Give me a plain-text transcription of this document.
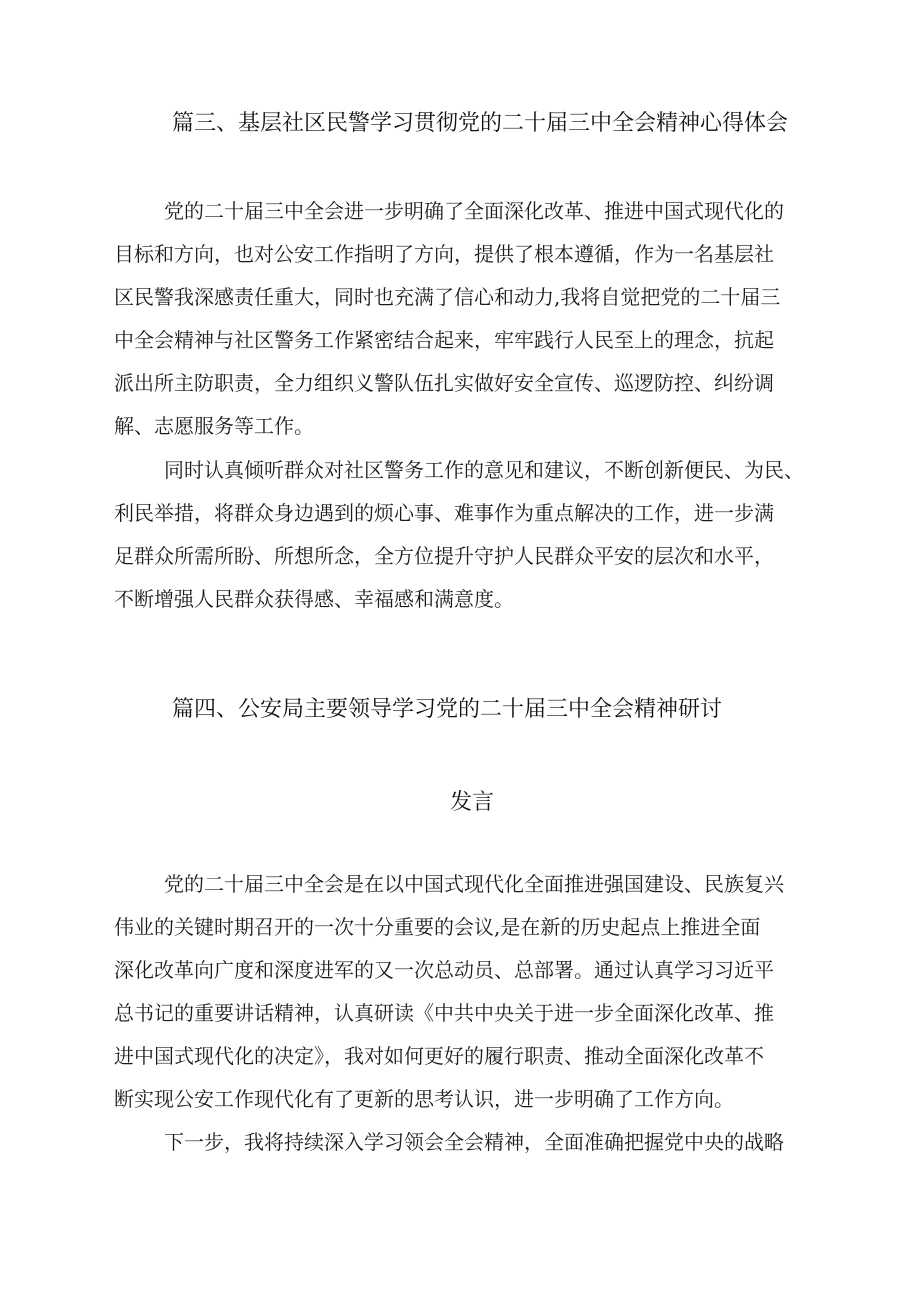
篇三、基层社区民警学习贯彻党的二十届三中全会精神心得体会
党的二十届三中全会进一步明确了全面深化改革、推进中国式现代化的
目标和方向，也对公安工作指明了方向，提供了根本遵循，作为一名基层社
区民警我深感责任重大，同时也充满了信心和动力,我将自觉把党的二十届三
中全会精神与社区警务工作紧密结合起来，牢牢践行人民至上的理念，抗起
派出所主防职责，全力组织义警队伍扎实做好安全宣传、巡逻防控、纠纷调
解、志愿服务等工作。
同时认真倾听群众对社区警务工作的意见和建议，不断创新便民、为民、
利民举措，将群众身边遇到的烦心事、难事作为重点解决的工作，进一步满
足群众所需所盼、所想所念，全方位提升守护人民群众平安的层次和水平，
不断增强人民群众获得感、幸福感和满意度。
篇四、公安局主要领导学习党的二十届三中全会精神研讨
发言
党的二十届三中全会是在以中国式现代化全面推进强国建设、民族复兴
伟业的关键时期召开的一次十分重要的会议,是在新的历史起点上推进全面
深化改革向广度和深度进军的又一次总动员、总部署。通过认真学习习近平
总书记的重要讲话精神，认真研读《中共中央关于进一步全面深化改革、推
进中国式现代化的决定》，我对如何更好的履行职责、推动全面深化改革不
断实现公安工作现代化有了更新的思考认识，进一步明确了工作方向。
下一步，我将持续深入学习领会全会精神，全面准确把握党中央的战略
